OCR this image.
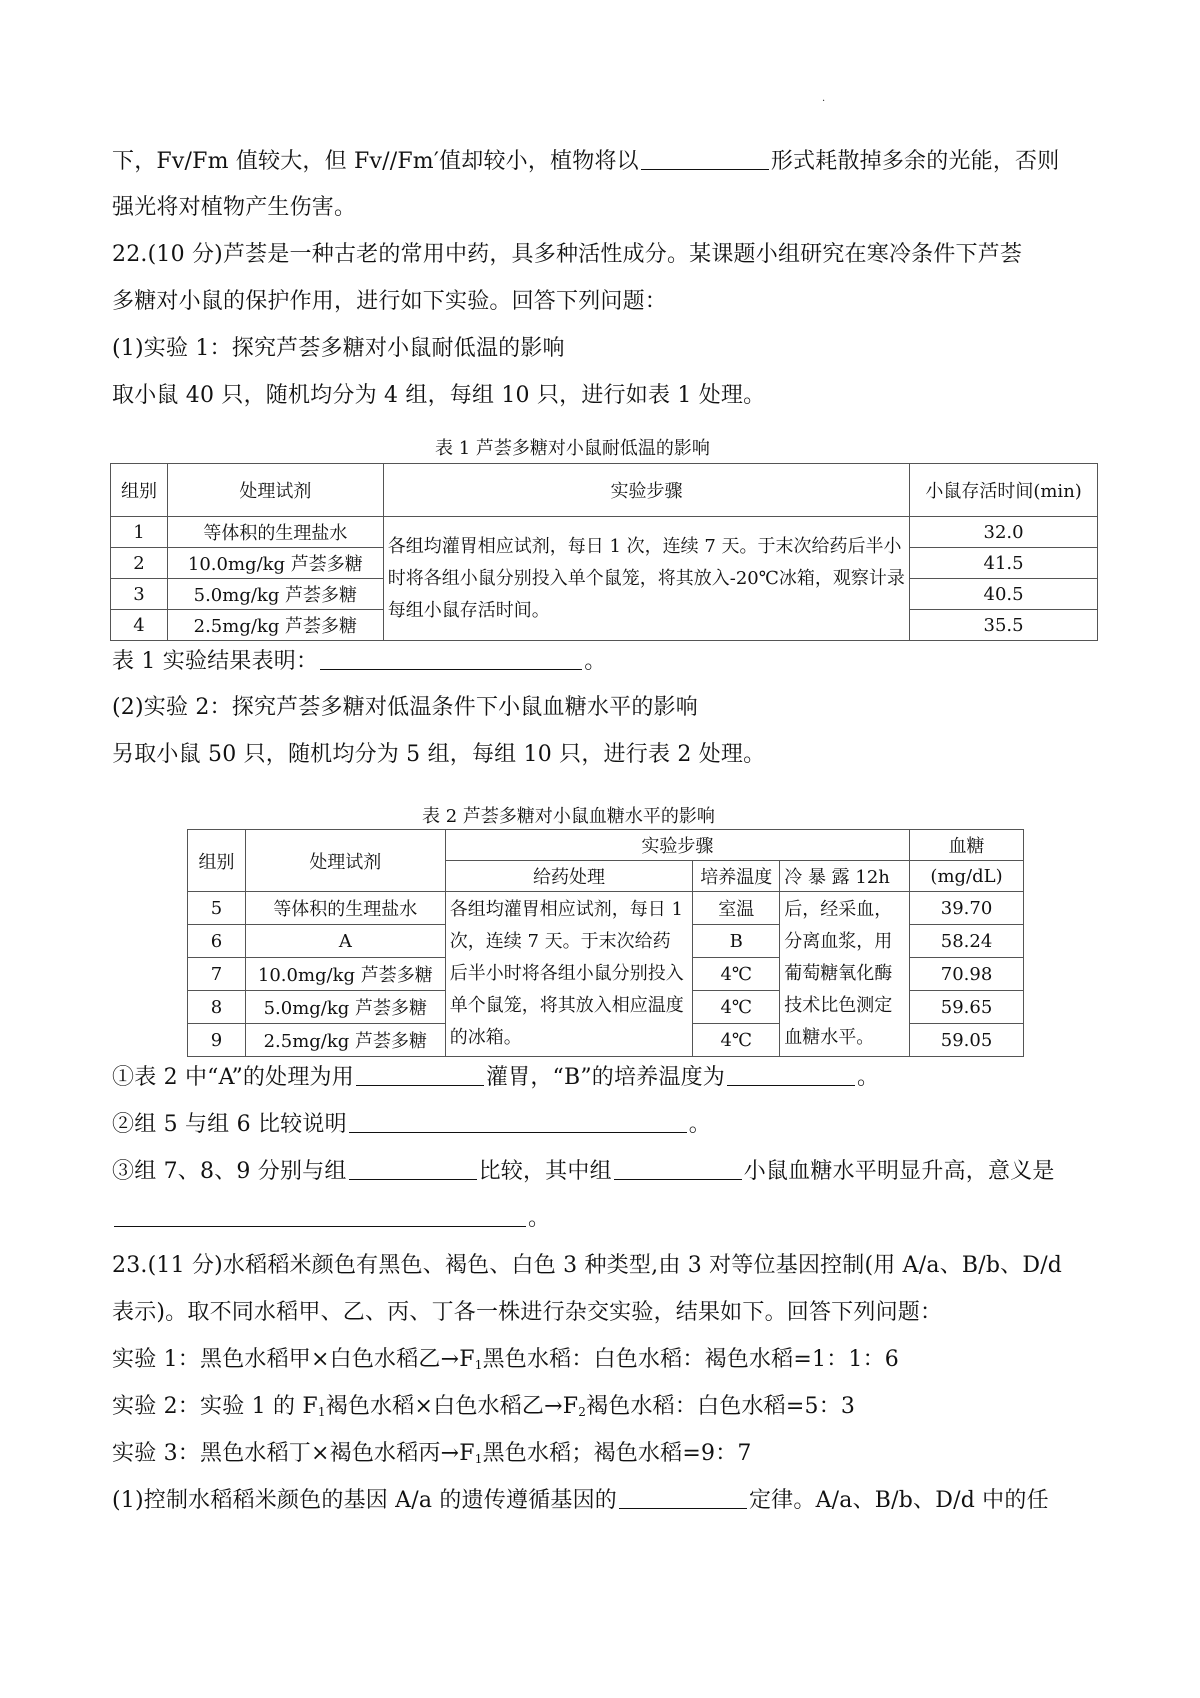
·
下，Fv/Fm 值较大，但 Fv//Fm′值却较小，植物将以	形式耗散掉多余的光能，否则
强光将对植物产生伤害。
22.(10 分)芦荟是一种古老的常用中药，具多种活性成分。某课题小组研究在寒冷条件下芦荟
多糖对小鼠的保护作用，进行如下实验。回答下列问题：
(1)实验 1：探究芦荟多糖对小鼠耐低温的影响
取小鼠 40 只，随机均分为 4 组，每组 10 只，进行如表 1 处理。
表 1 芦荟多糖对小鼠耐低温的影响
组别	处理试剂	实验步骤	小鼠存活时间(min)
1	等体积的生理盐水	各组均灌胃相应试剂，每日 1 次，连续 7 天。于末次给药后半小时将各组小鼠分别投入单个鼠笼，将其放入-20℃冰箱，观察计录每组小鼠存活时间。	32.0
2	10.0mg/kg 芦荟多糖		41.5
3	5.0mg/kg 芦荟多糖		40.5
4	2.5mg/kg 芦荟多糖		35.5
表 1 实验结果表明：	。
(2)实验 2：探究芦荟多糖对低温条件下小鼠血糖水平的影响
另取小鼠 50 只，随机均分为 5 组，每组 10 只，进行表 2 处理。
表 2 芦荟多糖对小鼠血糖水平的影响
组别	处理试剂	实验步骤			血糖
		给药处理	培养温度	冷 暴 露 12h	(mg/dL)
5	等体积的生理盐水	各组均灌胃相应试剂，每日 1 次，连续 7 天。于末次给药后半小时将各组小鼠分别投入单个鼠笼，将其放入相应温度的冰箱。	室温	后，经采血，分离血浆，用葡萄糖氧化酶技术比色测定血糖水平。	39.70
6	A		B		58.24
7	10.0mg/kg 芦荟多糖		4℃		70.98
8	5.0mg/kg 芦荟多糖		4℃		59.65
9	2.5mg/kg 芦荟多糖		4℃		59.05
①表 2 中“A”的处理为用	灌胃，“B”的培养温度为	。
②组 5 与组 6 比较说明	。
③组 7、8、9 分别与组	比较，其中组	小鼠血糖水平明显升高，意义是
。
23.(11 分)水稻稻米颜色有黑色、褐色、白色 3 种类型,由 3 对等位基因控制(用 A/a、B/b、D/d
表示)。取不同水稻甲、乙、丙、丁各一株进行杂交实验，结果如下。回答下列问题：
实验 1：黑色水稻甲×白色水稻乙$\to F_1$黑色水稻：白色水稻：褐色水稻=1：1：6
实验 2：实验 1 的 $F_1$褐色水稻×白色水稻乙$\to F_2$褐色水稻：白色水稻=5：3
实验 3：黑色水稻丁×褐色水稻丙$\to F_1$黑色水稻；褐色水稻=9：7
(1)控制水稻稻米颜色的基因 A/a 的遗传遵循基因的	定律。A/a、B/b、D/d 中的任
